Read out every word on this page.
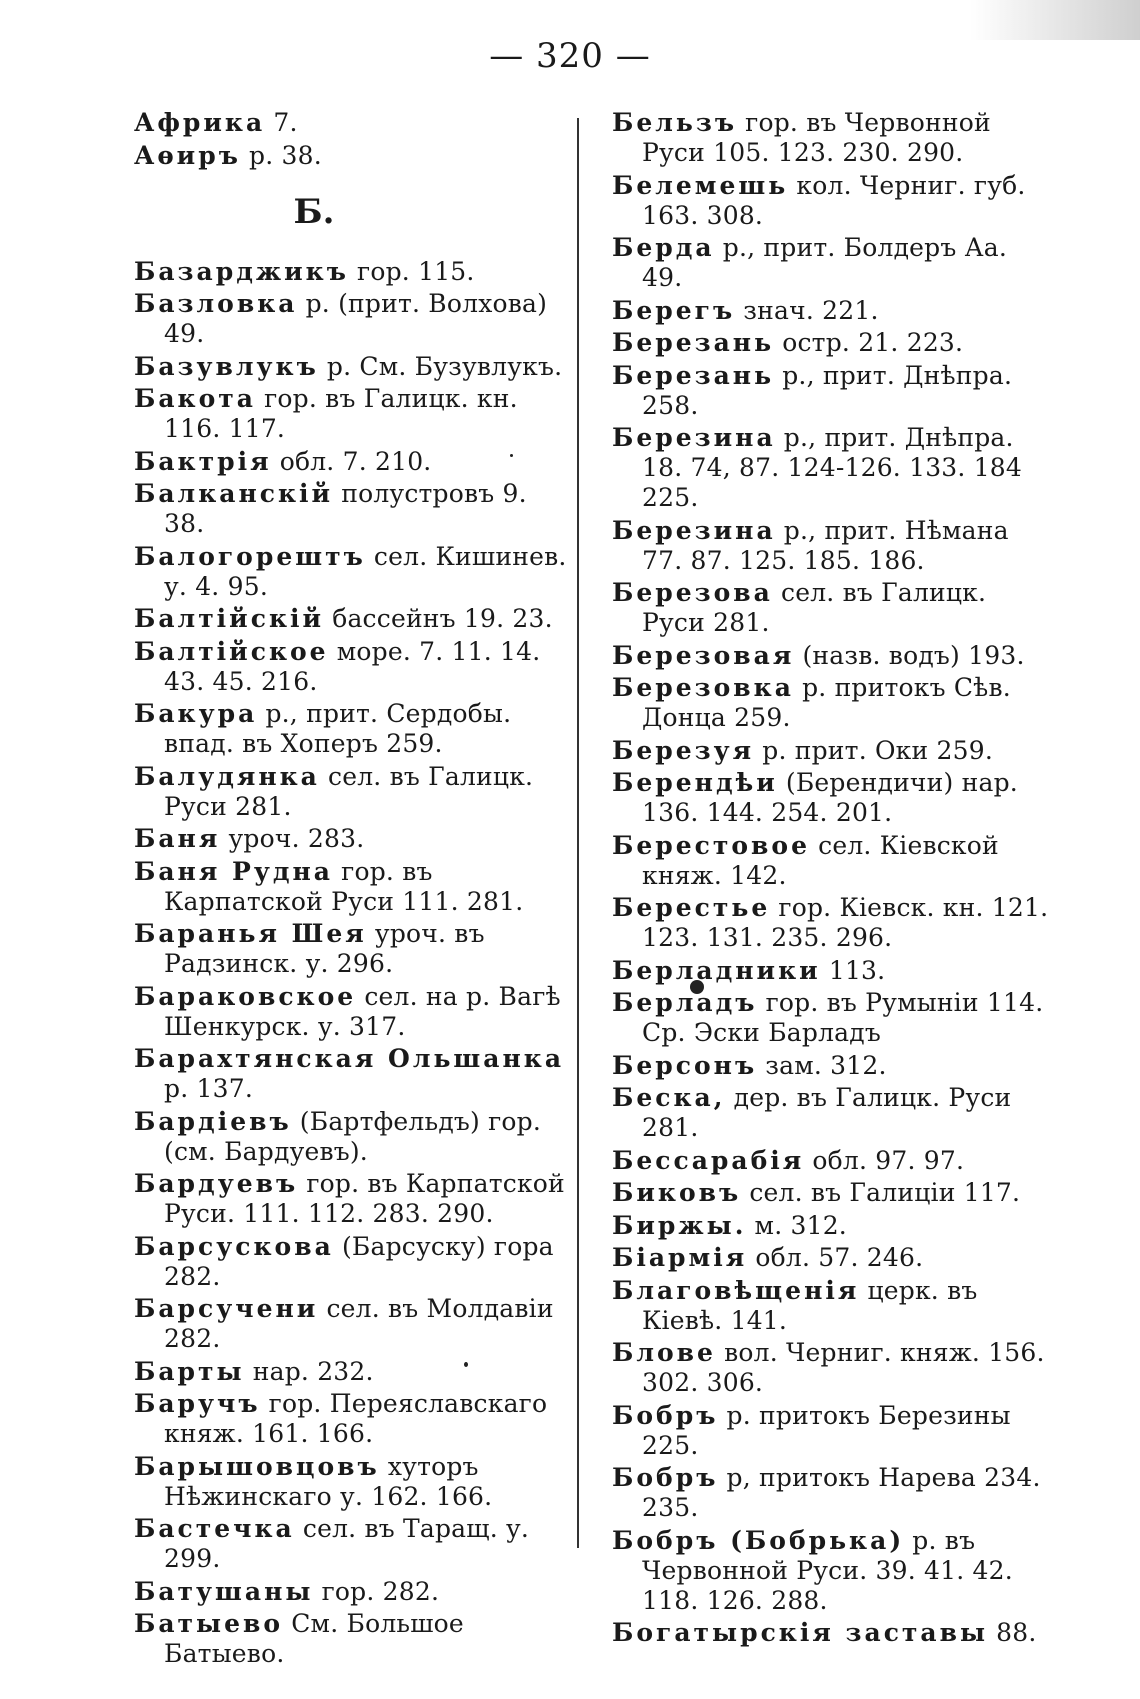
— 320 —

Африка 7.

Аѳиръ р. 38.

Б.

Базарджикъ гор. 115.

Базловка р. (прит. Волхова) 49.

Базувлукъ р. См. Бузувлукъ.

Бакота гор. въ Галицк. кн. 116. 117.

Бактрія обл. 7. 210.

Балканскій полустровъ 9. 38.

Балогорештъ сел. Кишинев. у. 4. 95.

Балтійскій бассейнъ 19. 23.

Балтійское море. 7. 11. 14. 43. 45. 216.

Бакура р., прит. Сердобы. впад. въ Хоперъ 259.

Балудянка сел. въ Галицк. Руси 281.

Баня уроч. 283.

Баня Рудна гор. въ Карпатской Руси 111. 281.

Баранья Шея уроч. въ Радзинск. у. 296.

Бараковское сел. на р. Вагѣ Шенкурск. у. 317.

Барахтянская Ольшанка р. 137.

Бардіевъ (Бартфельдъ) гор. (см. Бардуевъ).

Бардуевъ гор. въ Карпатской Руси. 111. 112. 283. 290.

Барсускова (Барсуску) гора 282.

Барсучени сел. въ Молдавіи 282.

Барты нар. 232.

Баручъ гор. Переяславскаго княж. 161. 166.

Барышовцовъ хуторъ Нѣжинскаго у. 162. 166.

Бастечка сел. въ Таращ. у. 299.

Батушаны гор. 282.

Батыево См. Большое Батыево.

Бельзъ гор. въ Червонной Руси 105. 123. 230. 290.

Белемешь кол. Черниг. губ. 163. 308.

Берда р., прит. Болдеръ Аа. 49.

Берегъ знач. 221.

Березань остр. 21. 223.

Березань р., прит. Днѣпра. 258.

Березина р., прит. Днѣпра. 18. 74, 87. 124-126. 133. 184 225.

Березина р., прит. Нѣмана 77. 87. 125. 185. 186.

Березова сел. въ Галицк. Руси 281.

Березовая (назв. водъ) 193.

Березовка р. притокъ Сѣв. Донца 259.

Березуя р. прит. Оки 259.

Берендѣи (Берендичи) нар. 136. 144. 254. 201.

Берестовое сел. Кіевской княж. 142.

Берестье гор. Кіевск. кн. 121. 123. 131. 235. 296.

Берладники 113.

Берладъ гор. въ Румыніи 114. Ср. Эски Барладъ

Берсонъ зам. 312.

Беска, дер. въ Галицк. Руси 281.

Бессарабія обл. 97. 97.

Биковъ сел. въ Галиціи 117.

Биржы. м. 312.

Біармія обл. 57. 246.

Благовѣщенія церк. въ Кіевѣ. 141.

Блове вол. Черниг. княж. 156. 302. 306.

Бобръ р. притокъ Березины 225.

Бобръ р, притокъ Нарева 234. 235.

Бобръ (Бобрька) р. въ Червонной Руси. 39. 41. 42. 118. 126. 288.

Богатырскія заставы 88.
